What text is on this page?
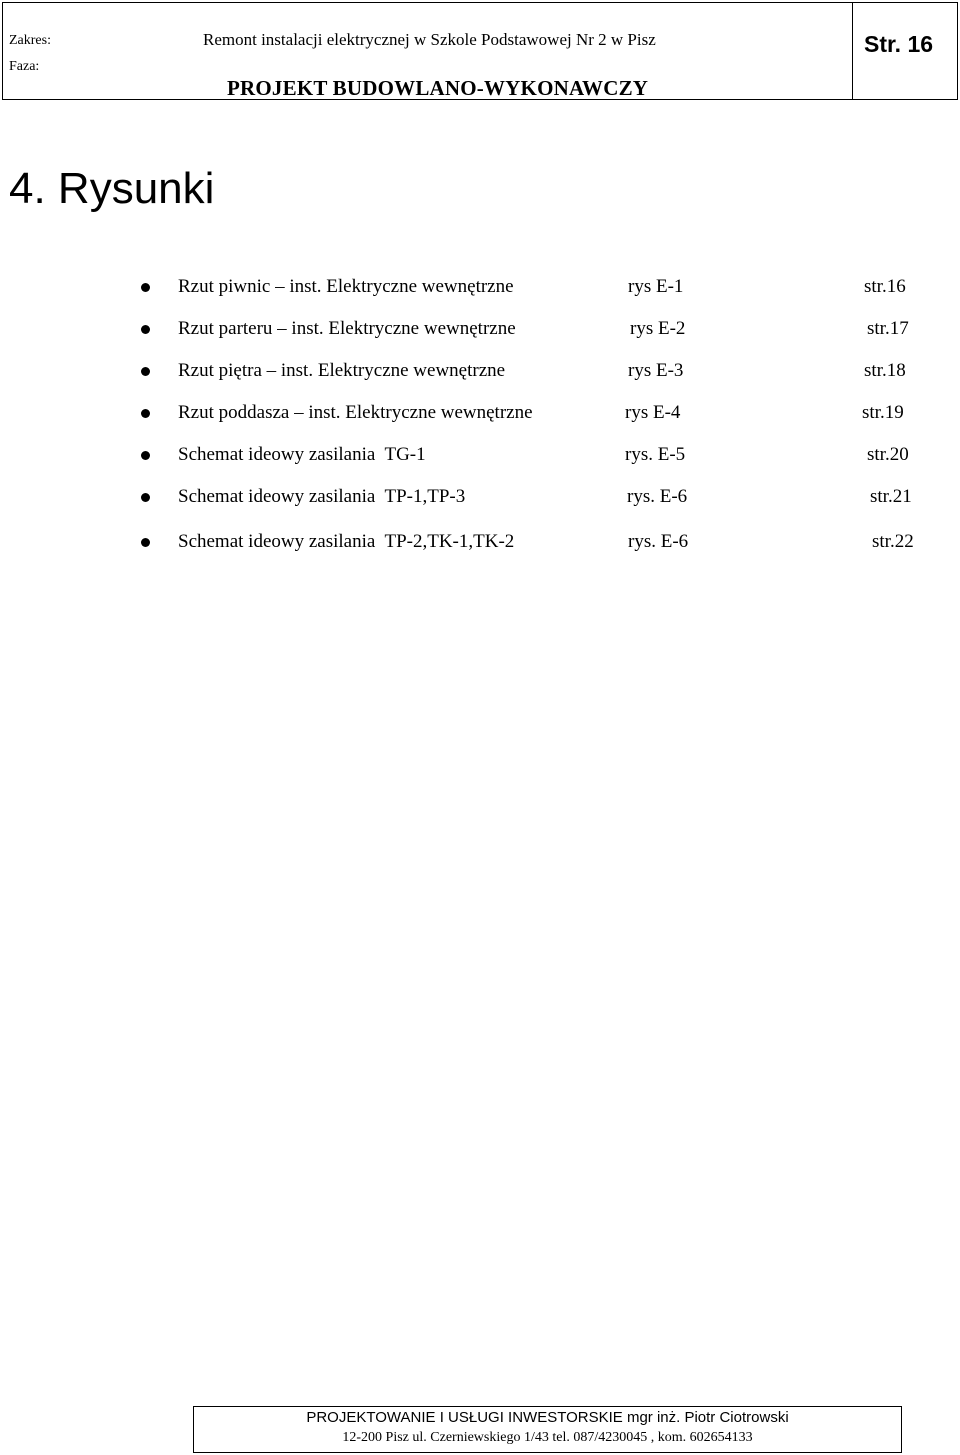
Zakres:
Faza:
Remont instalacji elektrycznej w Szkole Podstawowej Nr 2 w Pisz
PROJEKT BUDOWLANO-WYKONAWCZY
Str. 16
4. Rysunki
Rzut piwnic – inst. Elektryczne wewnętrzne	rys E-1	str.16
Rzut parteru – inst. Elektryczne wewnętrzne	rys E-2	str.17
Rzut piętra – inst. Elektryczne wewnętrzne	rys E-3	str.18
Rzut poddasza – inst. Elektryczne wewnętrzne	rys E-4	str.19
Schemat ideowy zasilania  TG-1	rys. E-5	str.20
Schemat ideowy zasilania  TP-1,TP-3	rys. E-6	str.21
Schemat ideowy zasilania  TP-2,TK-1,TK-2	rys. E-6	str.22
PROJEKTOWANIE I USŁUGI INWESTORSKIE mgr inż. Piotr Ciotrowski
12-200 Pisz ul. Czerniewskiego 1/43 tel. 087/4230045 , kom. 602654133
